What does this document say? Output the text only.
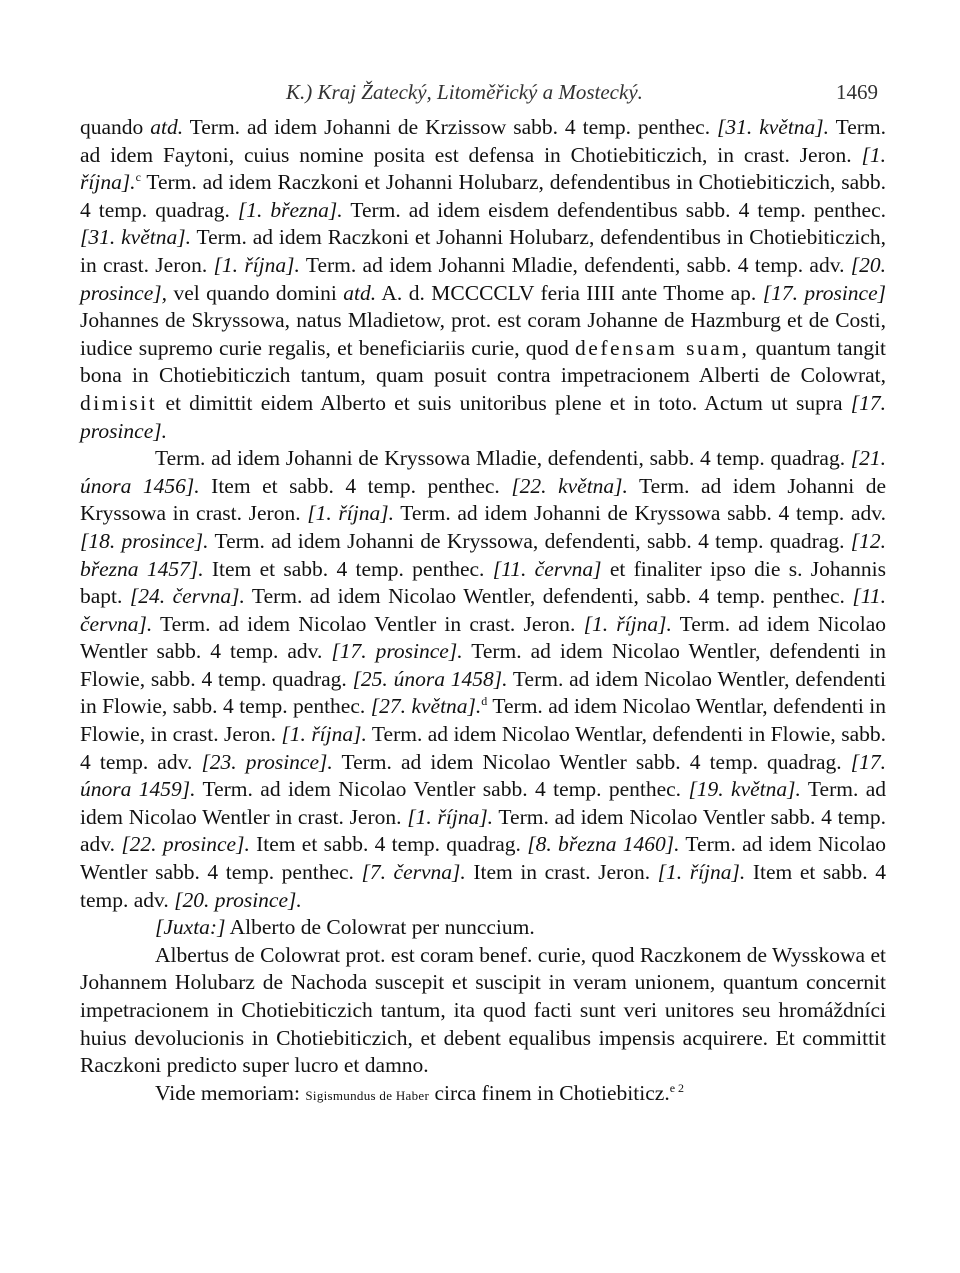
K.) Kraj Žatecký, Litoměřický a Mostecký.	1469

quando atd. Term. ad idem Johanni de Krzissow sabb. 4 temp. penthec. [31. května]. Term. ad idem Faytoni, cuius nomine posita est defensa in Chotiebiticzich, in crast. Jeron. [1. října].$^c$ Term. ad idem Raczkoni et Johanni Holubarz, defendentibus in Chotiebiticzich, sabb. 4 temp. quadrag. [1. března]. Term. ad idem eisdem defendentibus sabb. 4 temp. penthec. [31. května]. Term. ad idem Raczkoni et Johanni Holubarz, defendentibus in Chotiebiticzich, in crast. Jeron. [1. října]. Term. ad idem Johanni Mladie, defendenti, sabb. 4 temp. adv. [20. prosince], vel quando domini atd. A. d. MCCCCLV feria IIII ante Thome ap. [17. prosince] Johannes de Skryssowa, natus Mladietow, prot. est coram Johanne de Hazmburg et de Costi, iudice supremo curie regalis, et beneficiariis curie, quod defensam suam, quantum tangit bona in Chotiebiticzich tantum, quam posuit contra impetracionem Alberti de Colowrat, dimisit et dimittit eidem Alberto et suis unitoribus plene et in toto. Actum ut supra [17. prosince].

Term. ad idem Johanni de Kryssowa Mladie, defendenti, sabb. 4 temp. quadrag. [21. února 1456]. Item et sabb. 4 temp. penthec. [22. května]. Term. ad idem Johanni de Kryssowa in crast. Jeron. [1. října]. Term. ad idem Johanni de Kryssowa sabb. 4 temp. adv. [18. prosince]. Term. ad idem Johanni de Kryssowa, defendenti, sabb. 4 temp. quadrag. [12. března 1457]. Item et sabb. 4 temp. penthec. [11. června] et finaliter ipso die s. Johannis bapt. [24. června]. Term. ad idem Nicolao Wentler, defendenti, sabb. 4 temp. penthec. [11. června]. Term. ad idem Nicolao Ventler in crast. Jeron. [1. října]. Term. ad idem Nicolao Wentler sabb. 4 temp. adv. [17. prosince]. Term. ad idem Nicolao Wentler, defendenti in Flowie, sabb. 4 temp. quadrag. [25. února 1458]. Term. ad idem Nicolao Wentler, defendenti in Flowie, sabb. 4 temp. penthec. [27. května].$^d$ Term. ad idem Nicolao Wentlar, defendenti in Flowie, in crast. Jeron. [1. října]. Term. ad idem Nicolao Wentlar, defendenti in Flowie, sabb. 4 temp. adv. [23. prosince]. Term. ad idem Nicolao Wentler sabb. 4 temp. quadrag. [17. února 1459]. Term. ad idem Nicolao Ventler sabb. 4 temp. penthec. [19. května]. Term. ad idem Nicolao Wentler in crast. Jeron. [1. října]. Term. ad idem Nicolao Ventler sabb. 4 temp. adv. [22. prosince]. Item et sabb. 4 temp. quadrag. [8. března 1460]. Term. ad idem Nicolao Wentler sabb. 4 temp. penthec. [7. června]. Item in crast. Jeron. [1. října]. Item et sabb. 4 temp. adv. [20. prosince].

[Juxta:] Alberto de Colowrat per nunccium.

Albertus de Colowrat prot. est coram benef. curie, quod Raczkonem de Wysskowa et Johannem Holubarz de Nachoda suscepit et suscipit in veram unionem, quantum concernit impetracionem in Chotiebiticzich tantum, ita quod facti sunt veri unitores seu hromáždníci huius devolucionis in Chotiebiticzich, et debent equalibus impensis acquirere. Et committit Raczkoni predicto super lucro et damno.

Vide memoriam: Sigismundus de Haber circa finem in Chotiebiticz.$^{e 2}$
